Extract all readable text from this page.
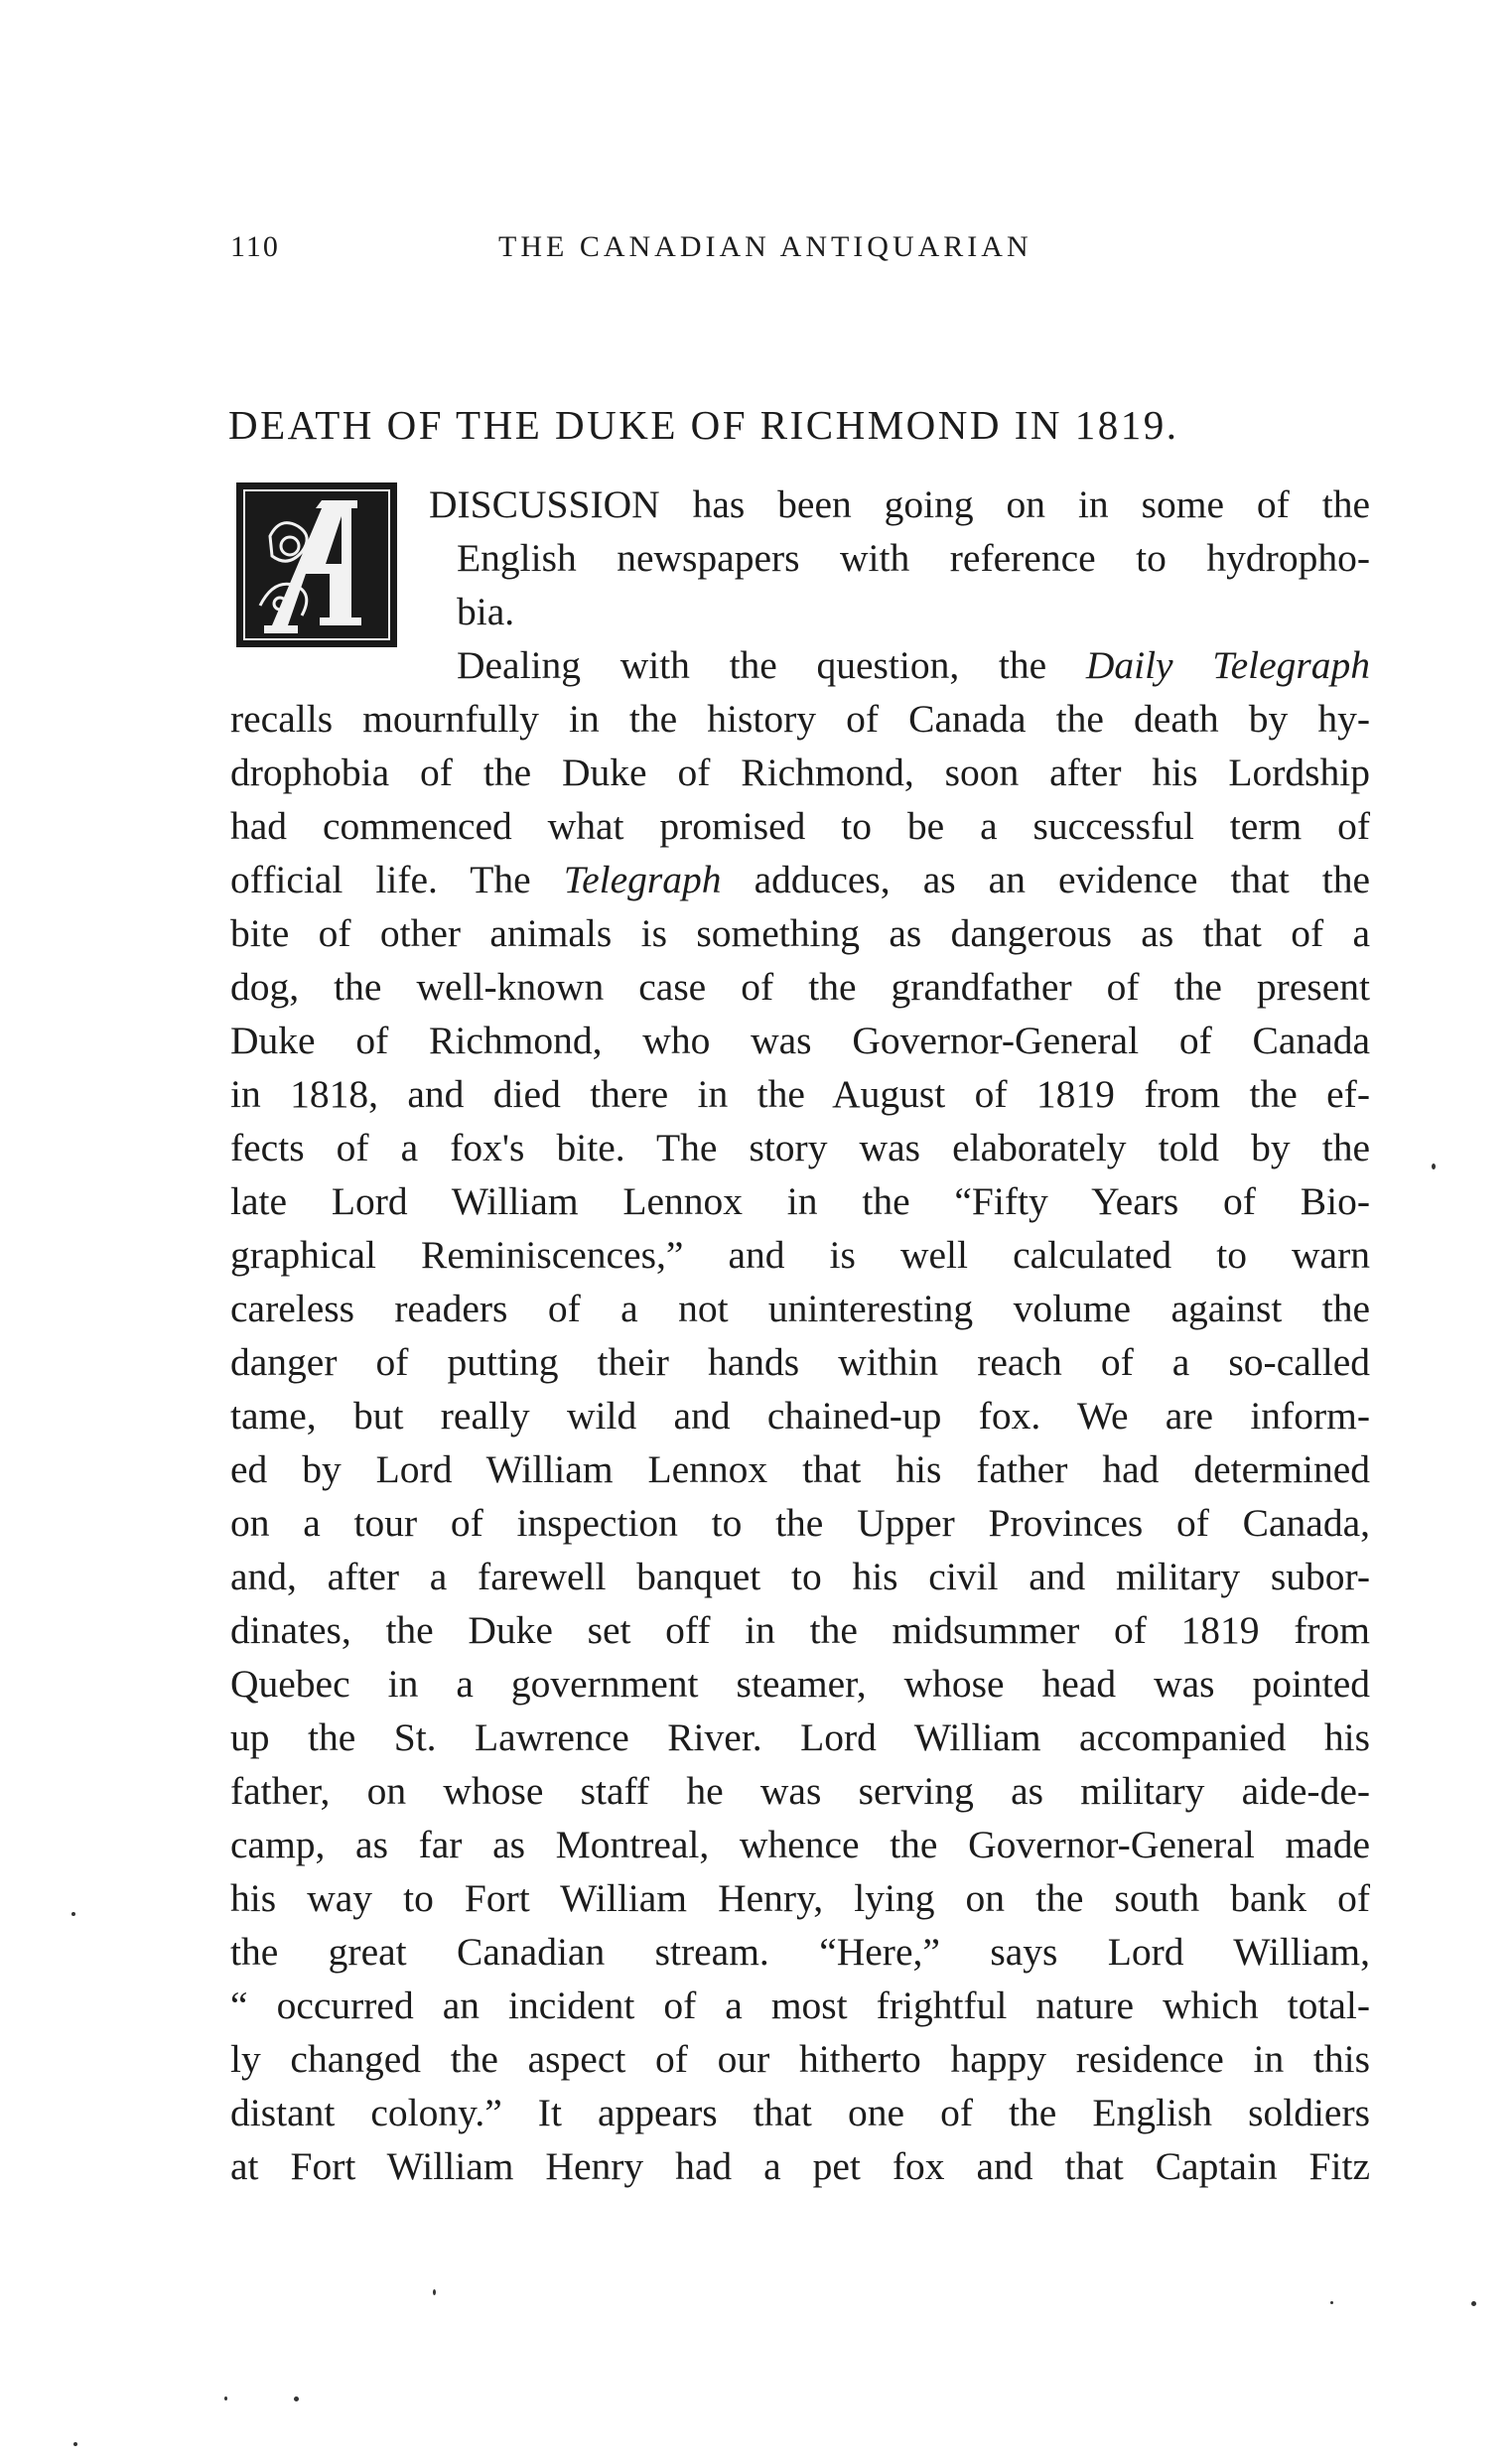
110	THE CANADIAN ANTIQUARIAN
DEATH OF THE DUKE OF RICHMOND IN 1819.
DISCUSSION has been going on in some of the
English newspapers with reference to hydropho-
bia.
Dealing with the question, the Daily Telegraph
recalls mournfully in the history of Canada the death by hy-
drophobia of the Duke of Richmond, soon after his Lordship
had commenced what promised to be a successful term of
official life. The Telegraph adduces, as an evidence that the
bite of other animals is something as dangerous as that of a
dog, the well-known case of the grandfather of the present
Duke of Richmond, who was Governor-General of Canada
in 1818, and died there in the August of 1819 from the ef-
fects of a fox's bite. The story was elaborately told by the
late Lord William Lennox in the “Fifty Years of Bio-
graphical Reminiscences,” and is well calculated to warn
careless readers of a not uninteresting volume against the
danger of putting their hands within reach of a so-called
tame, but really wild and chained-up fox. We are inform-
ed by Lord William Lennox that his father had determined
on a tour of inspection to the Upper Provinces of Canada,
and, after a farewell banquet to his civil and military subor-
dinates, the Duke set off in the midsummer of 1819 from
Quebec in a government steamer, whose head was pointed
up the St. Lawrence River. Lord William accompanied his
father, on whose staff he was serving as military aide-de-
camp, as far as Montreal, whence the Governor-General made
his way to Fort William Henry, lying on the south bank of
the great Canadian stream. “Here,” says Lord William,
“ occurred an incident of a most frightful nature which total-
ly changed the aspect of our hitherto happy residence in this
distant colony.” It appears that one of the English soldiers
at Fort William Henry had a pet fox and that Captain Fitz
